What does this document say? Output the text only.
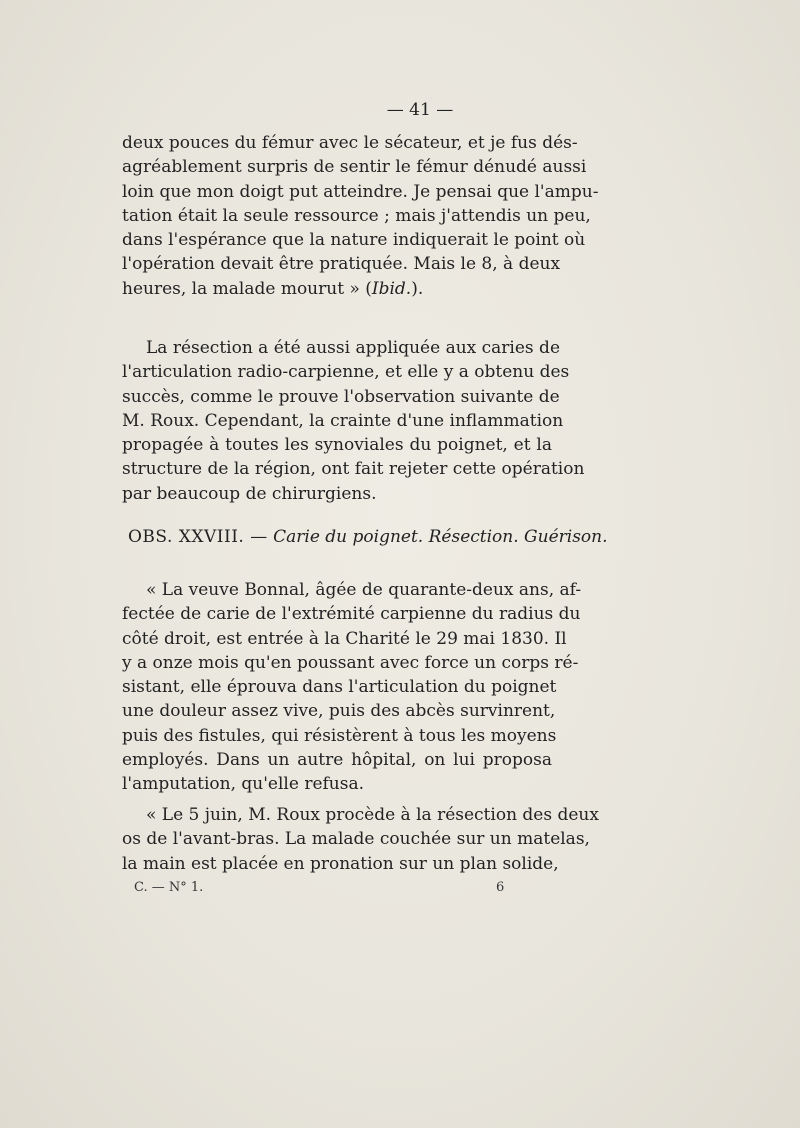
— 41 —
deux pouces du fémur avec le sécateur, et je fus dés-
agréablement surpris de sentir le fémur dénudé aussi
loin que mon doigt put atteindre. Je pensai que l'ampu-
tation était la seule ressource ; mais j'attendis un peu,
dans l'espérance que la nature indiquerait le point où
l'opération devait être pratiquée. Mais le 8, à deux
heures, la malade mourut » (Ibid.).
La résection a été aussi appliquée aux caries de
l'articulation radio-carpienne, et elle y a obtenu des
succès, comme le prouve l'observation suivante de
M. Roux. Cependant, la crainte d'une inflammation
propagée à toutes les synoviales du poignet, et la
structure de la région, ont fait rejeter cette opération
par beaucoup de chirurgiens.
OBS. XXVIII. — Carie du poignet. Résection. Guérison.
« La veuve Bonnal, âgée de quarante-deux ans, af-
fectée de carie de l'extrémité carpienne du radius du
côté droit, est entrée à la Charité le 29 mai 1830. Il
y a onze mois qu'en poussant avec force un corps ré-
sistant, elle éprouva dans l'articulation du poignet
une douleur assez vive, puis des abcès survinrent,
puis des fistules, qui résistèrent à tous les moyens
employés. Dans un autre hôpital, on lui proposa
l'amputation, qu'elle refusa.
« Le 5 juin, M. Roux procède à la résection des deux
os de l'avant-bras. La malade couchée sur un matelas,
la main est placée en pronation sur un plan solide,
C. — N° 1.	6
